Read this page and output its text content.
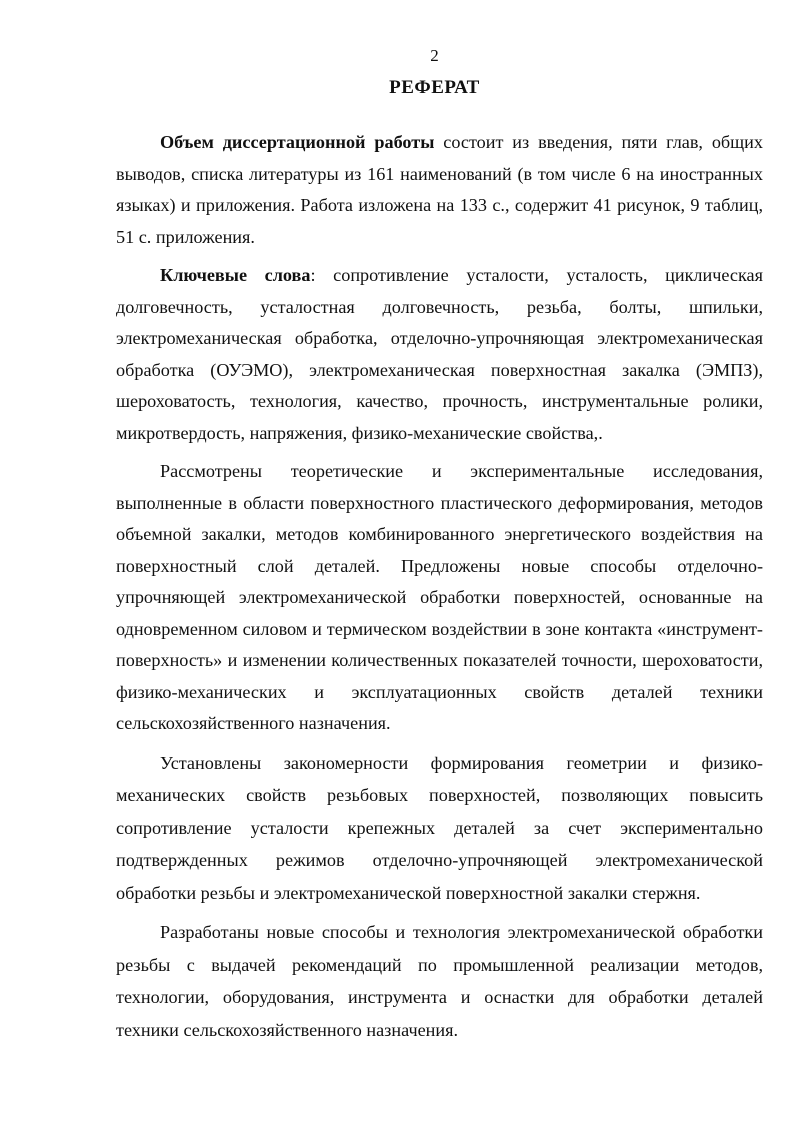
2
РЕФЕРАТ

Объем диссертационной работы состоит из введения, пяти глав, общих выводов, списка литературы из 161 наименований (в том числе 6 на иностранных языках) и приложения. Работа изложена на 133 с., содержит 41 рисунок, 9 таблиц, 51 с. приложения.

Ключевые слова: сопротивление усталости, усталость, циклическая долговечность, усталостная долговечность, резьба, болты, шпильки, электромеханическая обработка, отделочно-упрочняющая электромеханическая обработка (ОУЭМО), электромеханическая поверхностная закалка (ЭМПЗ), шероховатость, технология, качество, прочность, инструментальные ролики, микротвердость, напряжения, физико-механические свойства,.

Рассмотрены теоретические и экспериментальные исследования, выполненные в области поверхностного пластического деформирования, методов объемной закалки, методов комбинированного энергетического воздействия на поверхностный слой деталей. Предложены новые способы отделочно-упрочняющей электромеханической обработки поверхностей, основанные на одновременном силовом и термическом воздействии в зоне контакта «инструмент-поверхность» и изменении количественных показателей точности, шероховатости, физико-механических и эксплуатационных свойств деталей техники сельскохозяйственного назначения.

Установлены закономерности формирования геометрии и физико-механических свойств резьбовых поверхностей, позволяющих повысить сопротивление усталости крепежных деталей за счет экспериментально подтвержденных режимов отделочно-упрочняющей электромеханической обработки резьбы и электромеханической поверхностной закалки стержня.

Разработаны новые способы и технология электромеханической обработки резьбы с выдачей рекомендаций по промышленной реализации методов, технологии, оборудования, инструмента и оснастки для обработки деталей техники сельскохозяйственного назначения.
